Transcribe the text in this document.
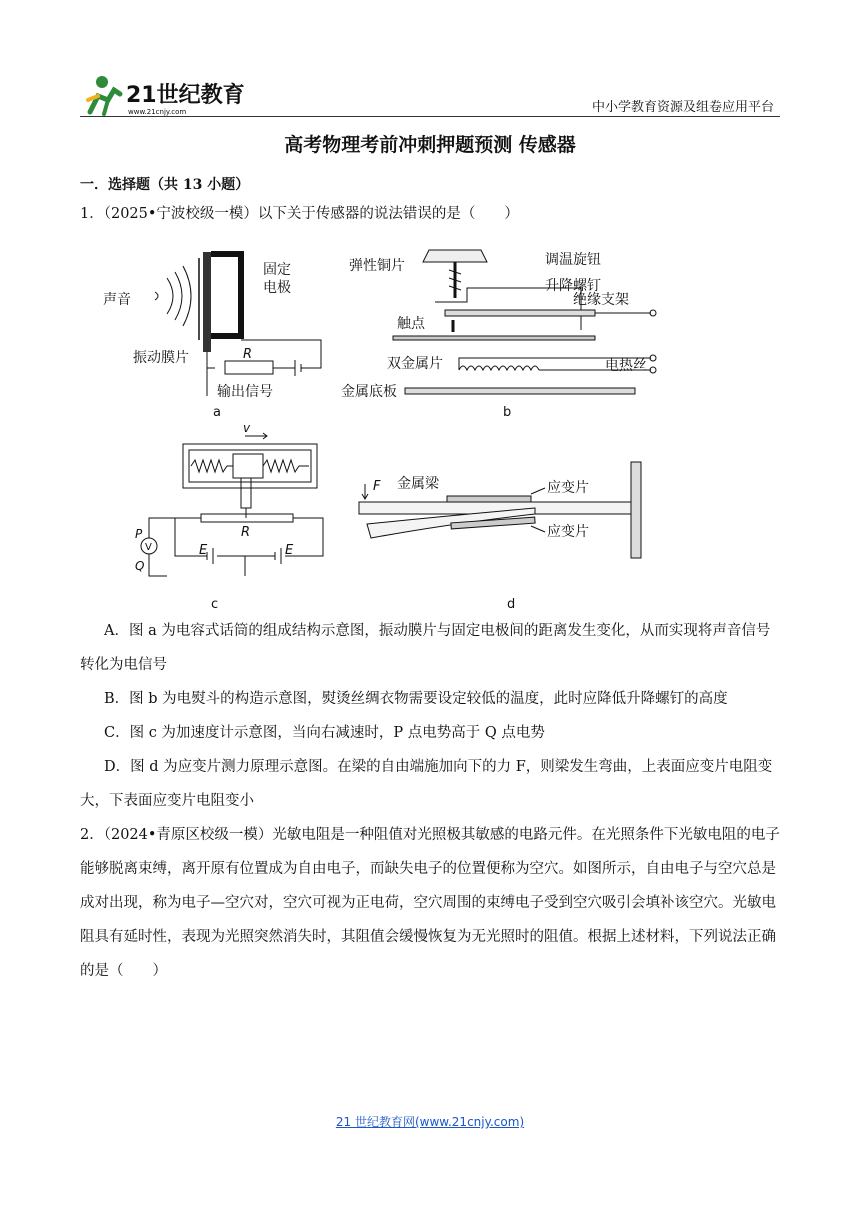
21世纪教育
www.21cnjy.com	中小学教育资源及组卷应用平台
高考物理考前冲刺押题预测 传感器
一．选择题（共 13 小题）
1．（2025•宁波校级一模）以下关于传感器的说法错误的是（　　）
固定
电极
声音
振动膜片	R
输出信号
a
调温旋钮
弹性铜片
升降螺钉
绝缘支架
触点
双金属片	电热丝
金属底板
b
v
R
P
V
Q
E	E
c
F 金属梁	应变片
应变片
d
A．图 a 为电容式话筒的组成结构示意图，振动膜片与固定电极间的距离发生变化，从而实现将声音信号转化为电信号
B．图 b 为电熨斗的构造示意图，熨烫丝绸衣物需要设定较低的温度，此时应降低升降螺钉的高度
C．图 c 为加速度计示意图，当向右减速时，P 点电势高于 Q 点电势
D．图 d 为应变片测力原理示意图。在梁的自由端施加向下的力 F，则梁发生弯曲，上表面应变片电阻变大，下表面应变片电阻变小
2．（2024•青原区校级一模）光敏电阻是一种阻值对光照极其敏感的电路元件。在光照条件下光敏电阻的电子能够脱离束缚，离开原有位置成为自由电子，而缺失电子的位置便称为空穴。如图所示，自由电子与空穴总是成对出现，称为电子—空穴对，空穴可视为正电荷，空穴周围的束缚电子受到空穴吸引会填补该空穴。光敏电阻具有延时性，表现为光照突然消失时，其阻值会缓慢恢复为无光照时的阻值。根据上述材料，下列说法正确的是（　　）
21 世纪教育网(www.21cnjy.com)
